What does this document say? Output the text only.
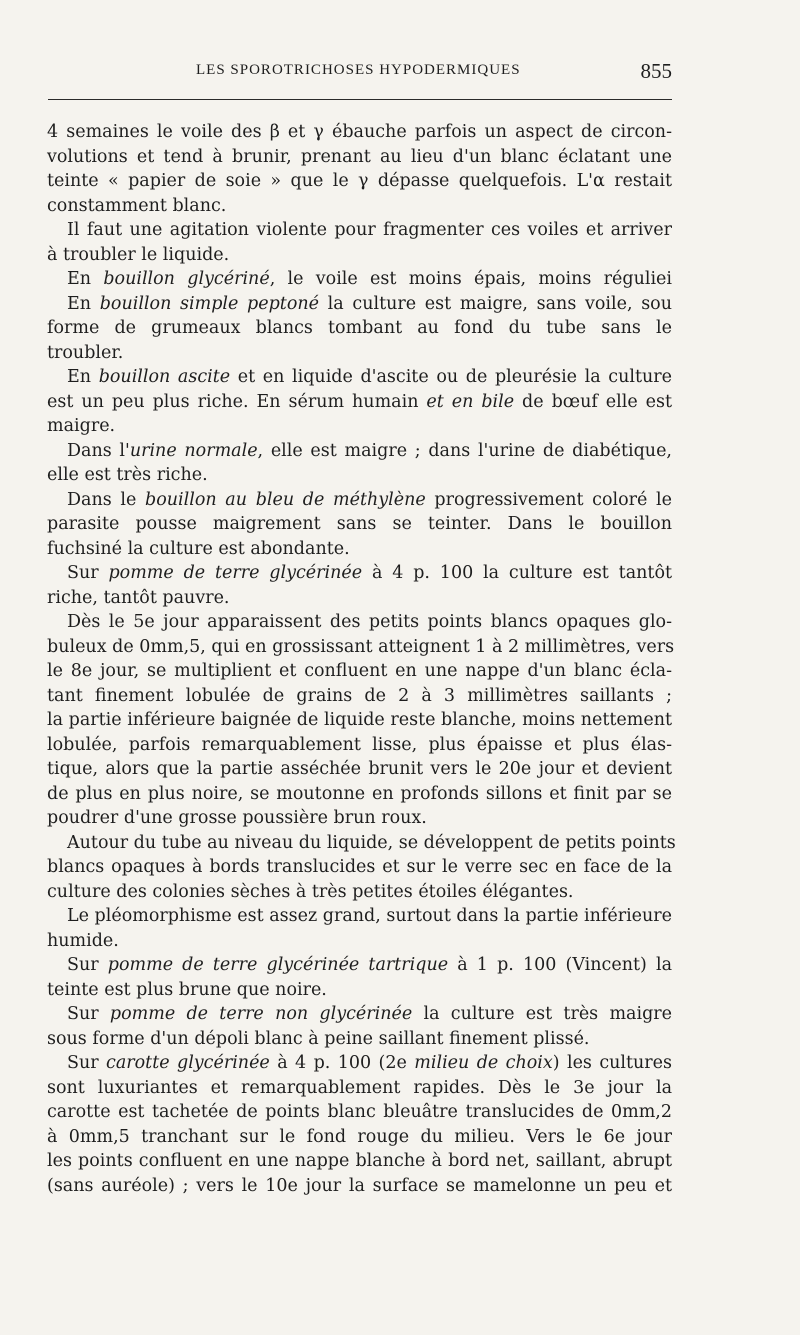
LES SPOROTRICHOSES HYPODERMIQUES	855
4 semaines le voile des β et γ ébauche parfois un aspect de circon-
volutions et tend à brunir, prenant au lieu d'un blanc éclatant une
teinte « papier de soie » que le γ dépasse quelquefois. L'α restait
constamment blanc.
Il faut une agitation violente pour fragmenter ces voiles et arriver
à troubler le liquide.
En bouillon glycériné, le voile est moins épais, moins réguliei
En bouillon simple peptoné la culture est maigre, sans voile, sou
forme de grumeaux blancs tombant au fond du tube sans le
troubler.
En bouillon ascite et en liquide d'ascite ou de pleurésie la culture
est un peu plus riche. En sérum humain et en bile de bœuf elle est
maigre.
Dans l'urine normale, elle est maigre ; dans l'urine de diabétique,
elle est très riche.
Dans le bouillon au bleu de méthylène progressivement coloré le
parasite pousse maigrement sans se teinter. Dans le bouillon
fuchsiné la culture est abondante.
Sur pomme de terre glycérinée à 4 p. 100 la culture est tantôt
riche, tantôt pauvre.
Dès le 5e jour apparaissent des petits points blancs opaques glo-
buleux de 0mm,5, qui en grossissant atteignent 1 à 2 millimètres, vers
le 8e jour, se multiplient et confluent en une nappe d'un blanc écla-
tant finement lobulée de grains de 2 à 3 millimètres saillants ;
la partie inférieure baignée de liquide reste blanche, moins nettement
lobulée, parfois remarquablement lisse, plus épaisse et plus élas-
tique, alors que la partie asséchée brunit vers le 20e jour et devient
de plus en plus noire, se moutonne en profonds sillons et finit par se
poudrer d'une grosse poussière brun roux.
Autour du tube au niveau du liquide, se développent de petits points
blancs opaques à bords translucides et sur le verre sec en face de la
culture des colonies sèches à très petites étoiles élégantes.
Le pléomorphisme est assez grand, surtout dans la partie inférieure
humide.
Sur pomme de terre glycérinée tartrique à 1 p. 100 (Vincent) la
teinte est plus brune que noire.
Sur pomme de terre non glycérinée la culture est très maigre
sous forme d'un dépoli blanc à peine saillant finement plissé.
Sur carotte glycérinée à 4 p. 100 (2e milieu de choix) les cultures
sont luxuriantes et remarquablement rapides. Dès le 3e jour la
carotte est tachetée de points blanc bleuâtre translucides de 0mm,2
à 0mm,5 tranchant sur le fond rouge du milieu. Vers le 6e jour
les points confluent en une nappe blanche à bord net, saillant, abrupt
(sans auréole) ; vers le 10e jour la surface se mamelonne un peu et
